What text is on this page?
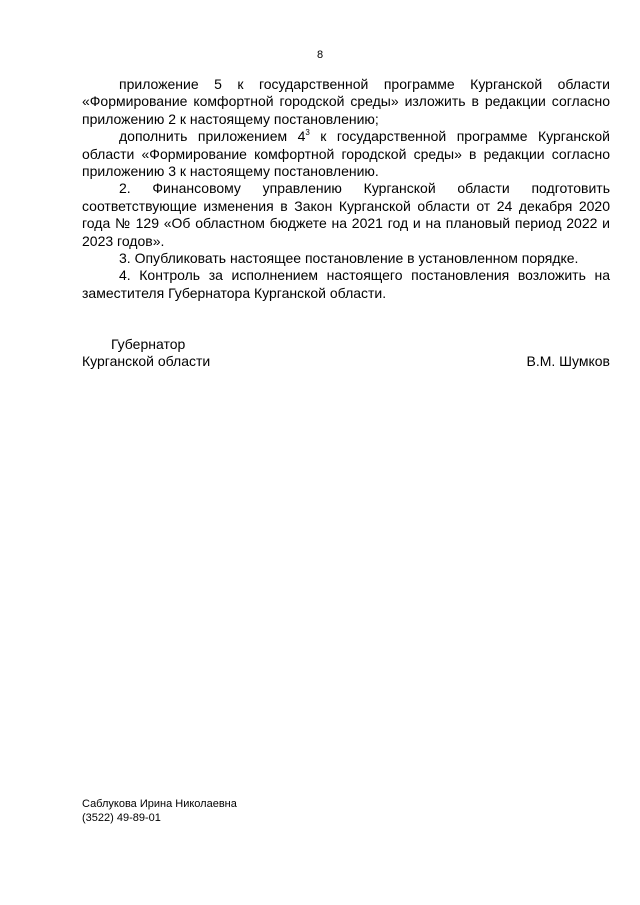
8

приложение 5 к государственной программе Курганской области «Формирование комфортной городской среды» изложить в редакции согласно приложению 2 к настоящему постановлению;

дополнить приложением $4^3$ к государственной программе Курганской области «Формирование комфортной городской среды» в редакции согласно приложению 3 к настоящему постановлению.

2. Финансовому управлению Курганской области подготовить соответствующие изменения в Закон Курганской области от 24 декабря 2020 года № 129 «Об областном бюджете на 2021 год и на плановый период 2022 и 2023 годов».

3. Опубликовать настоящее постановление в установленном порядке.

4. Контроль за исполнением настоящего постановления возложить на заместителя Губернатора Курганской области.

Губернатор
Курганской области	В.М. Шумков
Саблукова Ирина Николаевна
(3522) 49-89-01
